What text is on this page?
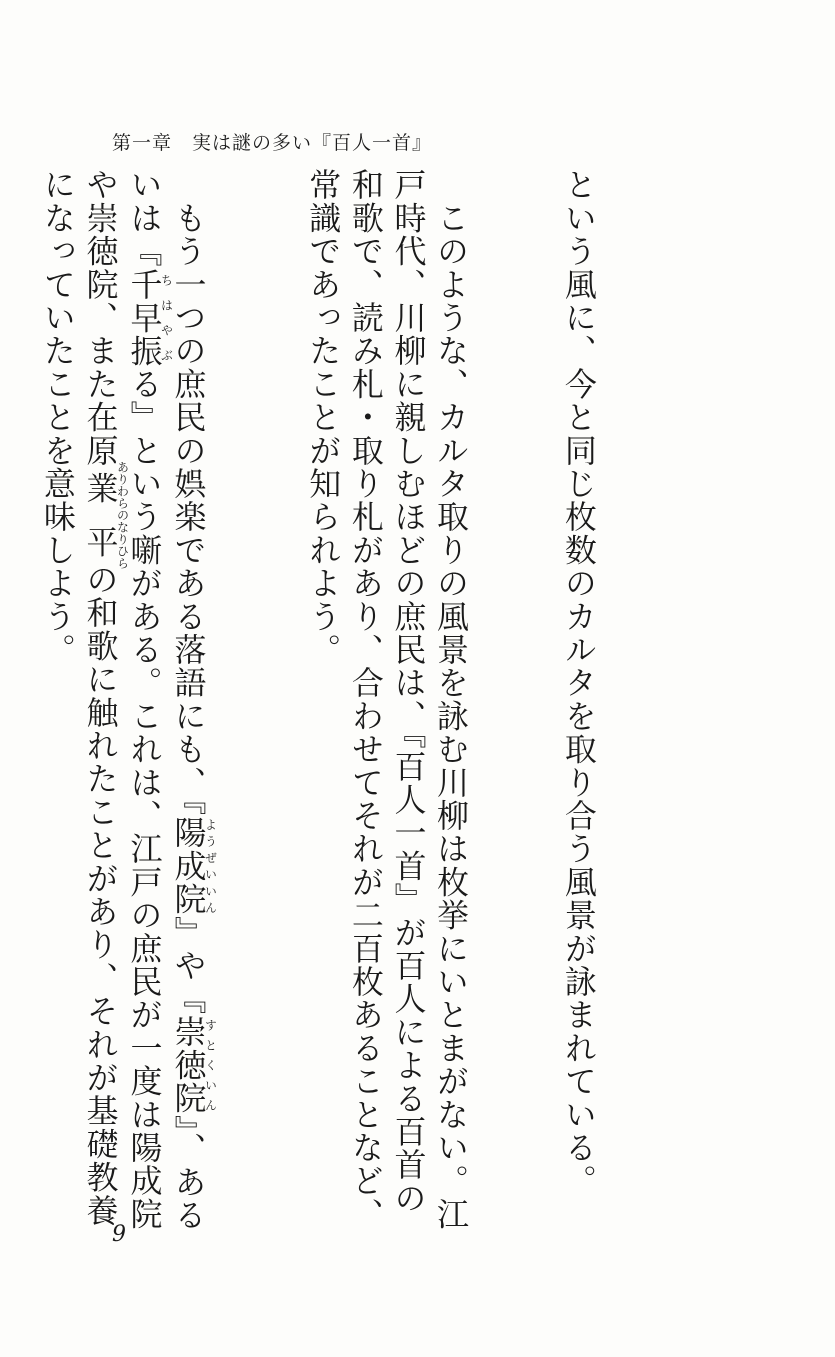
第一章　実は謎の多い『百人一首』

という風に、今と同じ枚数のカルタを取り合う風景が詠まれている。

　このような、カルタ取りの風景を詠む川柳は枚挙にいとまがない。江戸時代、川柳に親しむほどの庶民は、『百人一首』が百人による百首の和歌で、読み札・取り札があり、合わせてそれが二百枚あることなど、常識であったことが知られよう。

　もう一つの庶民の娯楽である落語にも、『陽成院ようぜいいん』や『崇徳院すとくいん』、あるいは『千早振ちはやぶる』という噺がある。これは、江戸の庶民が一度は陽成院や崇徳院、また在原業平ありわらのなりひらの和歌に触れたことがあり、それが基礎教養になっていたことを意味しよう。

9
